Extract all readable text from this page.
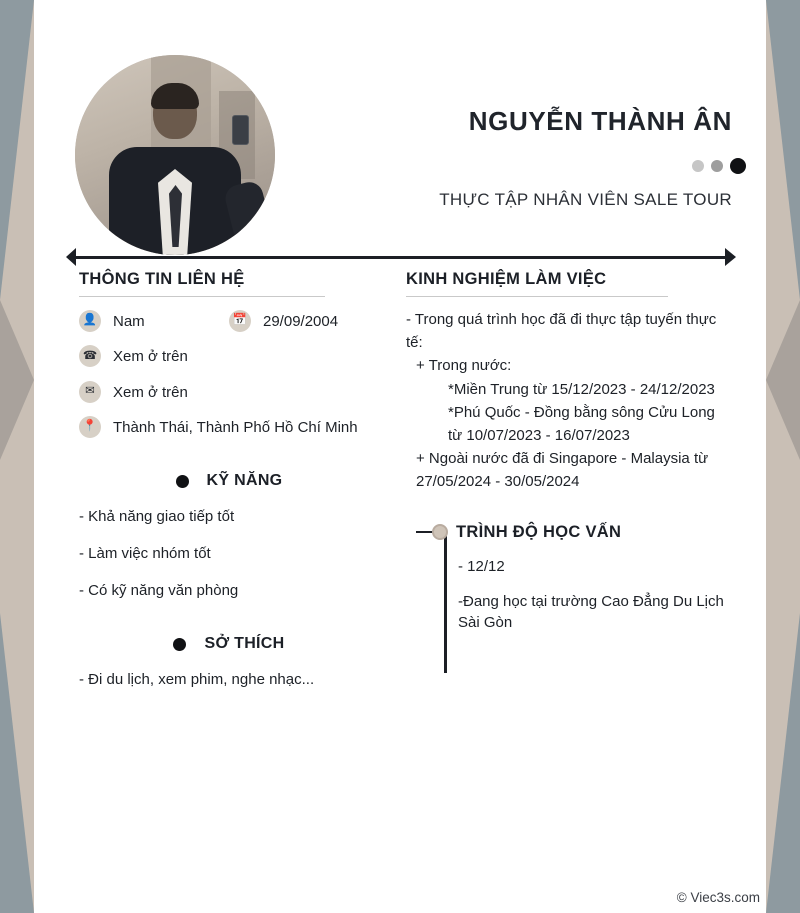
NGUYỄN THÀNH ÂN
THỰC TẬP NHÂN VIÊN SALE TOUR
THÔNG TIN LIÊN HỆ
👤 Nam	📅 29/09/2004
☎ Xem ở trên
✉	Xem ở trên
📍 Thành Thái, Thành Phố Hồ Chí Minh
KỸ NĂNG
- Khả năng giao tiếp tốt
- Làm việc nhóm tốt
- Có kỹ năng văn phòng
SỞ THÍCH
- Đi du lịch, xem phim, nghe nhạc...
KINH NGHIỆM LÀM VIỆC

- Trong quá trình học đã đi thực tập tuyến thực tế:

+ Trong nước:

*Miền Trung từ 15/12/2023 - 24/12/2023

*Phú Quốc - Đồng bằng sông Cửu Long từ 10/07/2023 - 16/07/2023

+ Ngoài nước đã đi Singapore - Malaysia từ 27/05/2024 - 30/05/2024

TRÌNH ĐỘ HỌC VẤN
- 12/12
-Đang học tại trường Cao Đẳng Du Lịch Sài Gòn
© Viec3s.com
